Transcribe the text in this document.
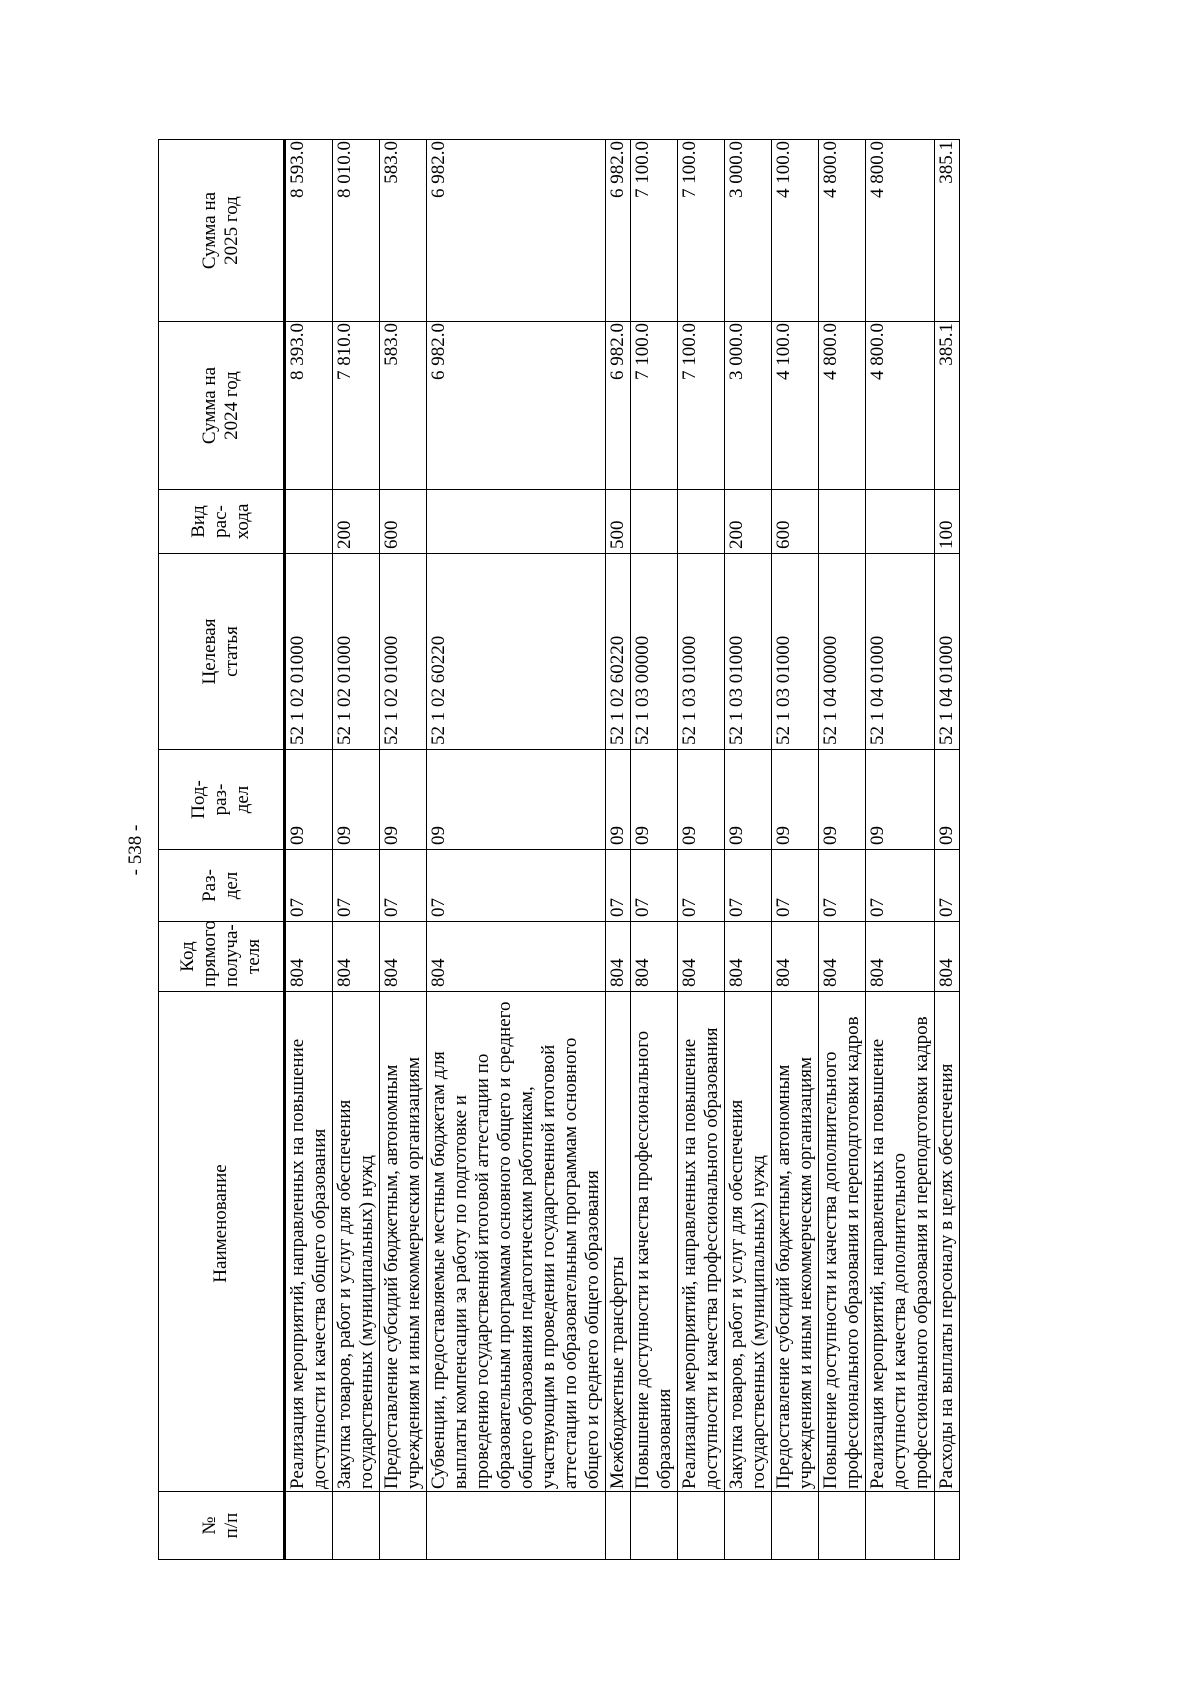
- 538 -
№
п/п	Наименование	Код
прямого
получа-
теля	Раз-
дел	Под-
раз-
дел	Целевая
статья	Вид
рас-
хода	Сумма на
2024 год	Сумма на
2025 год
	Реализация мероприятий, направленных на повышение доступности и качества общего образования	804	07	09	52 1 02 01000		8 393.0	8 593.0
	Закупка товаров, работ и услуг для обеспечения государственных (муниципальных) нужд	804	07	09	52 1 02 01000	200	7 810.0	8 010.0
	Предоставление субсидий бюджетным, автономным учреждениям и иным некоммерческим организациям	804	07	09	52 1 02 01000	600	583.0	583.0
	Субвенции, предоставляемые местным бюджетам для выплаты компенсации за работу по подготовке и проведению государственной итоговой аттестации по образовательным программам основного общего и среднего общего образования педагогическим работникам, участвующим в проведении государственной итоговой аттестации по образовательным программам основного общего и среднего общего образования	804	07	09	52 1 02 60220		6 982.0	6 982.0
	Межбюджетные трансферты	804	07	09	52 1 02 60220	500	6 982.0	6 982.0
	Повышение доступности и качества профессионального образования	804	07	09	52 1 03 00000		7 100.0	7 100.0
	Реализация мероприятий, направленных на повышение доступности и качества профессионального образования	804	07	09	52 1 03 01000		7 100.0	7 100.0
	Закупка товаров, работ и услуг для обеспечения государственных (муниципальных) нужд	804	07	09	52 1 03 01000	200	3 000.0	3 000.0
	Предоставление субсидий бюджетным, автономным учреждениям и иным некоммерческим организациям	804	07	09	52 1 03 01000	600	4 100.0	4 100.0
	Повышение доступности и качества дополнительного профессионального образования и переподготовки кадров	804	07	09	52 1 04 00000		4 800.0	4 800.0
	Реализация мероприятий, направленных на повышение доступности и качества дополнительного профессионального образования и переподготовки кадров	804	07	09	52 1 04 01000		4 800.0	4 800.0
	Расходы на выплаты персоналу в целях обеспечения	804	07	09	52 1 04 01000	100	385.1	385.1
